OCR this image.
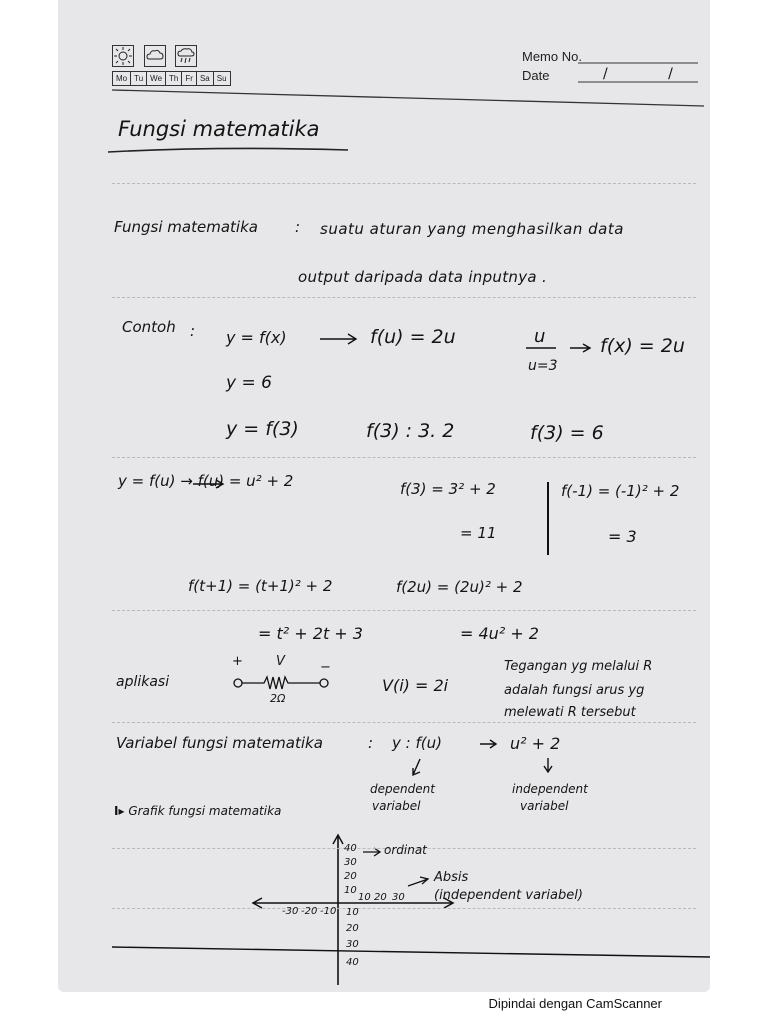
Mo Tu We Th Fr Sa Su
Memo No.
Date	/ /
Fungsi matematika
Fungsi matematika : suatu aturan yang menghasilkan data
output daripada data inputnya .
Contoh : y = f(x)	f(u) = 2u	u
u=3
f(x) = 2u
y = 6
y = f(3)	f(3) : 3. 2	f(3) = 6
y = f(u) → f(u) = u² + 2	f(3) = 3² + 2
= 11
f(-1) = (-1)² + 2
= 3
f(t+1) = (t+1)² + 2
= t² + 2t + 3
f(2u) = (2u)² + 2
= 4u² + 2
aplikasi
+	V	−
2Ω
V(i) = 2i
Tegangan yg melalui R
adalah fungsi arus yg
melewati R tersebut
Variabel fungsi matematika	: y : f(u)	u² + 2
dependent
variabel
independent
variabel
I▸ Grafik fungsi matematika
40
30
20
10
10
20
30
40
10 20 30
-30 -20 -10
ordinat
Absis
(independent variabel)
Dipindai dengan CamScanner
